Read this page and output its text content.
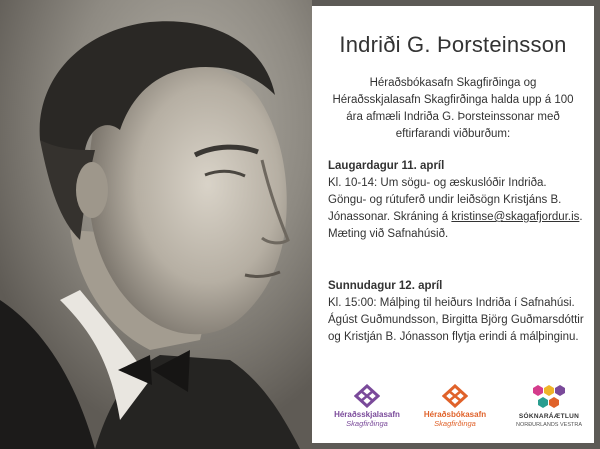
Indriði G. Þorsteinsson
Héraðsbókasafn Skagfirðinga og Héraðsskjalasafn Skagfirðinga halda upp á 100 ára afmæli Indriða G. Þorsteinssonar með eftirfarandi viðburðum:
Laugardagur 11. apríl
Kl. 10-14: Um sögu- og æskuslóðir Indriða. Göngu- og rútuferð undir leiðsögn Kristjáns B. Jónassonar. Skráning á kristinse@skagafjordur.is. Mæting við Safnahúsið.
Sunnudagur 12. apríl
Kl. 15:00: Málþing til heiðurs Indriða í Safnahúsi. Ágúst Guðmundsson, Birgitta Björg Guðmarsdóttir og Kristján B. Jónasson flytja erindi á málþinginu.
Héraðsskjalasafn
Skagfirðinga
Héraðsbókasafn
Skagfirðinga
SÓKNARÁÆTLUN
NORÐURLANDS VESTRA
